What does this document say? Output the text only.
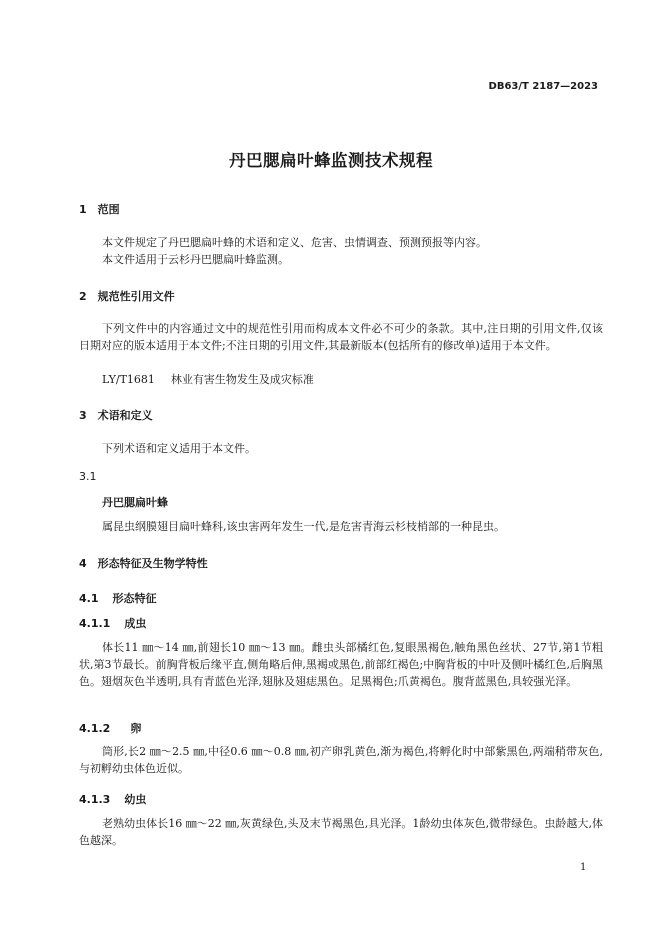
DB63/T 2187—2023
丹巴腮扁叶蜂监测技术规程
1 范围
本文件规定了丹巴腮扁叶蜂的术语和定义、危害、虫情调查、预测预报等内容。
本文件适用于云杉丹巴腮扁叶蜂监测。
2 规范性引用文件
下列文件中的内容通过文中的规范性引用而构成本文件必不可少的条款。其中,注日期的引用文件,仅该日期对应的版本适用于本文件;不注日期的引用文件,其最新版本(包括所有的修改单)适用于本文件。
LY/T1681 林业有害生物发生及成灾标准
3 术语和定义
下列术语和定义适用于本文件。
3.1
丹巴腮扁叶蜂
属昆虫纲膜翅目扁叶蜂科,该虫害两年发生一代,是危害青海云杉枝梢部的一种昆虫。
4 形态特征及生物学特性
4.1 形态特征
4.1.1 成虫
体长11 ㎜～14 ㎜,前翅长10 ㎜～13 ㎜。雌虫头部橘红色,复眼黑褐色,触角黑色丝状、27节,第1节粗状,第3节最长。前胸背板后缘平直,侧角略后伸,黑褐或黑色,前部红褐色;中胸背板的中叶及侧叶橘红色,后胸黑色。翅烟灰色半透明,具有青蓝色光泽,翅脉及翅痣黑色。足黑褐色;爪黄褐色。腹背蓝黑色,具较强光泽。
4.1.2 卵
筒形,长2 ㎜～2.5 ㎜,中径0.6 ㎜～0.8 ㎜,初产卵乳黄色,渐为褐色,将孵化时中部紫黑色,两端稍带灰色,与初孵幼虫体色近似。
4.1.3 幼虫
老熟幼虫体长16 ㎜～22 ㎜,灰黄绿色,头及末节褐黑色,具光泽。1龄幼虫体灰色,微带绿色。虫龄越大,体色越深。
1
